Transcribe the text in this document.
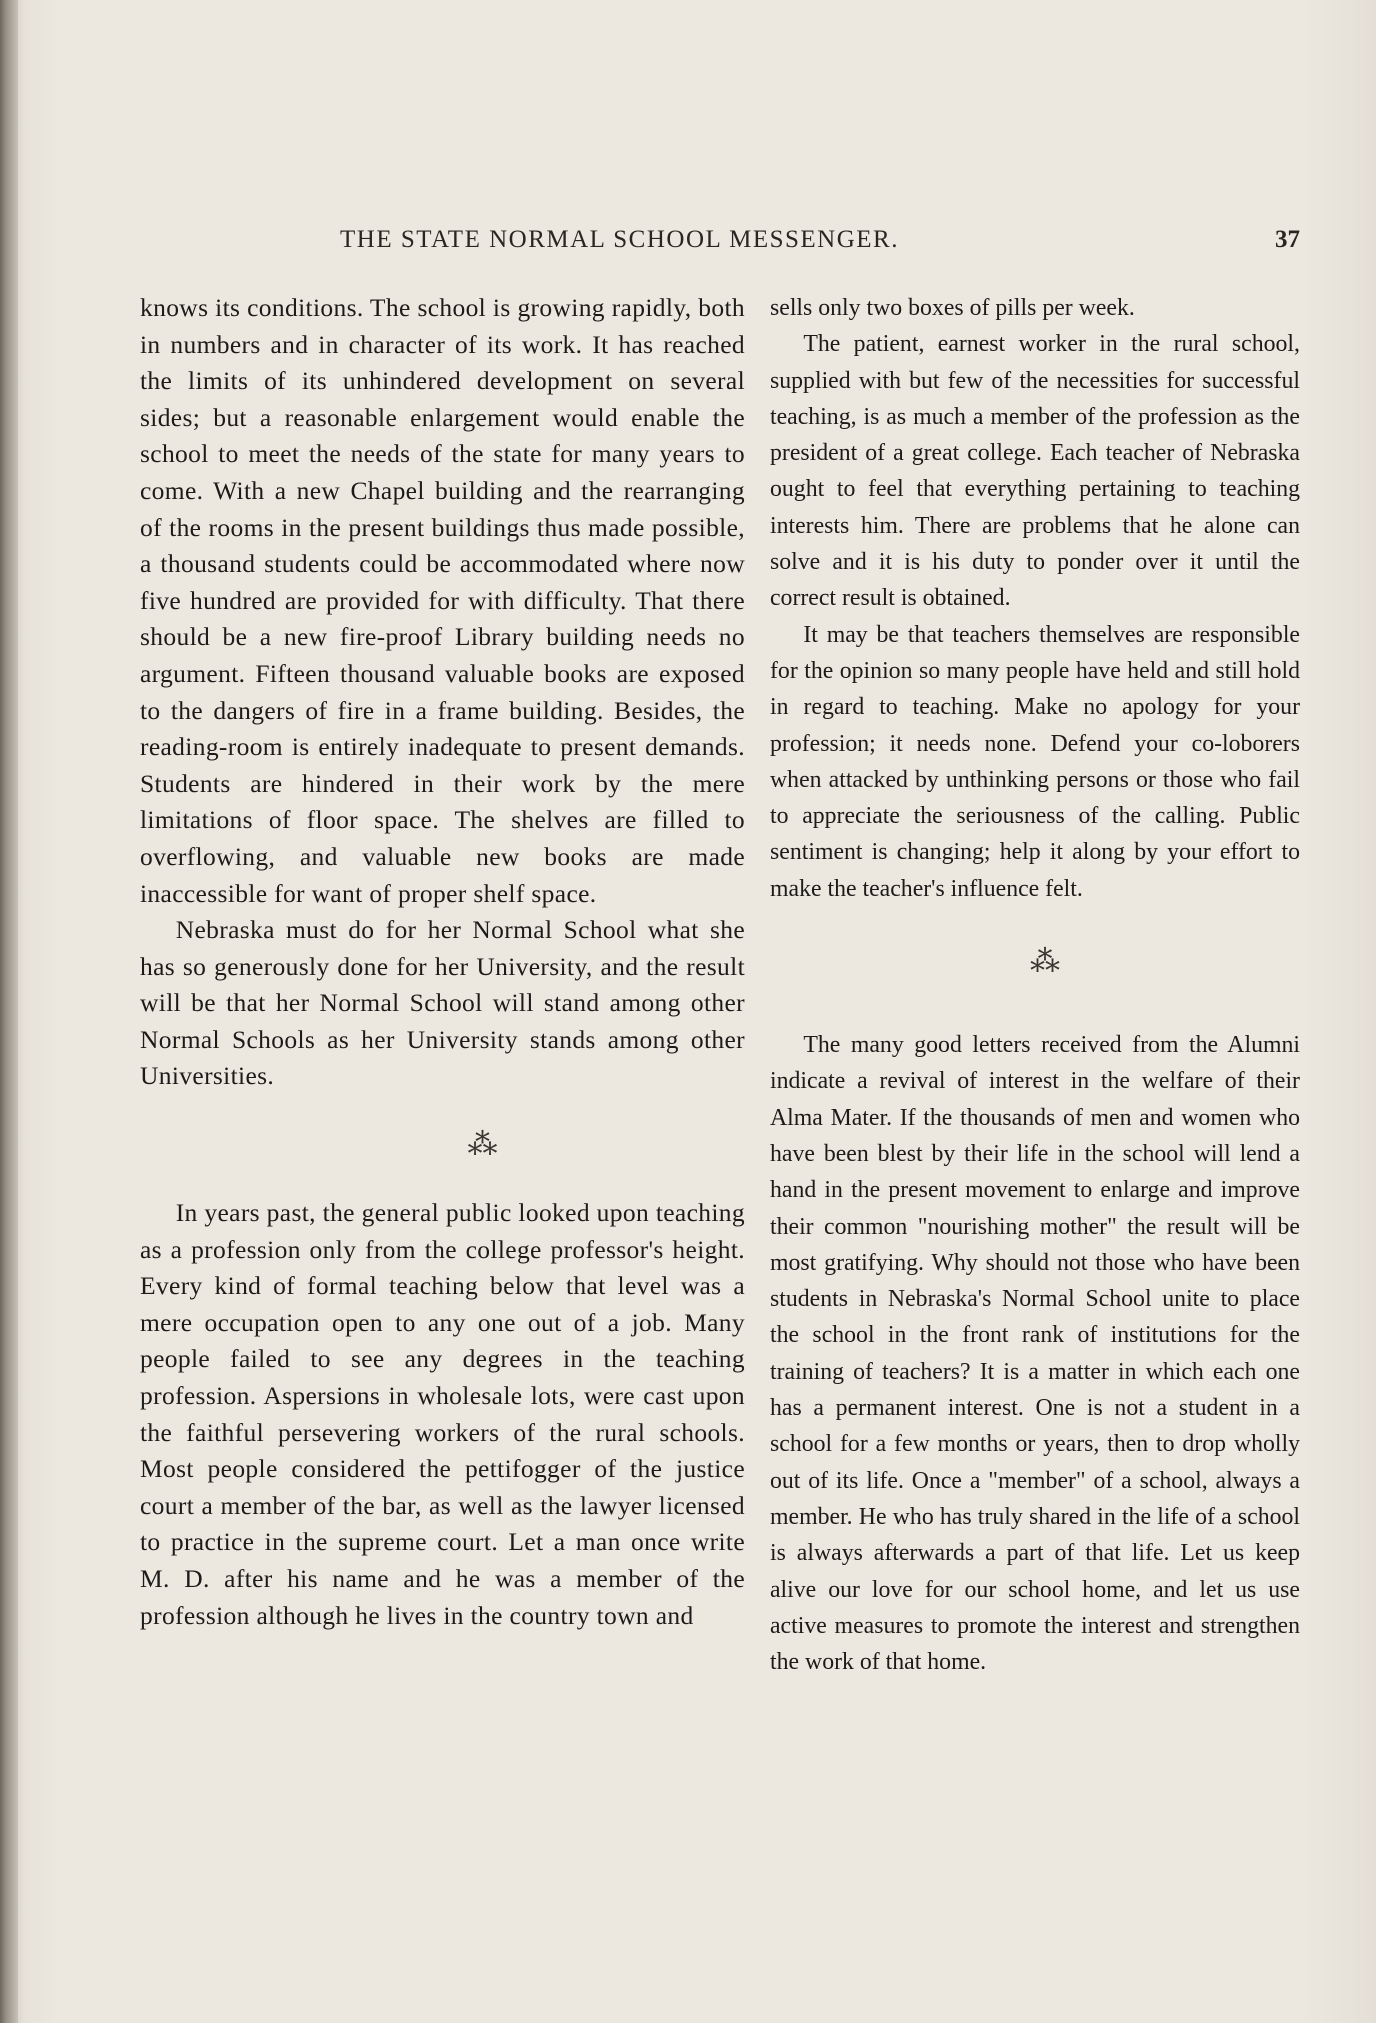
THE STATE NORMAL SCHOOL MESSENGER.	37

knows its conditions. The school is growing rapidly, both in numbers and in character of its work. It has reached the limits of its unhindered development on several sides; but a reasonable enlargement would enable the school to meet the needs of the state for many years to come. With a new Chapel building and the rearranging of the rooms in the present buildings thus made possible, a thousand students could be accommodated where now five hundred are provided for with difficulty. That there should be a new fire-proof Library building needs no argument. Fifteen thousand valuable books are exposed to the dangers of fire in a frame building. Besides, the reading-room is entirely inadequate to present demands. Students are hindered in their work by the mere limitations of floor space. The shelves are filled to overflowing, and valuable new books are made inaccessible for want of proper shelf space.

Nebraska must do for her Normal School what she has so generously done for her University, and the result will be that her Normal School will stand among other Normal Schools as her University stands among other Universities.

⁂

In years past, the general public looked upon teaching as a profession only from the college professor's height. Every kind of formal teaching below that level was a mere occupation open to any one out of a job. Many people failed to see any degrees in the teaching profession. Aspersions in wholesale lots, were cast upon the faithful persevering workers of the rural schools. Most people considered the pettifogger of the justice court a member of the bar, as well as the lawyer licensed to practice in the supreme court. Let a man once write M. D. after his name and he was a member of the profession although he lives in the country town and

sells only two boxes of pills per week.

The patient, earnest worker in the rural school, supplied with but few of the necessities for successful teaching, is as much a member of the profession as the president of a great college. Each teacher of Nebraska ought to feel that everything pertaining to teaching interests him. There are problems that he alone can solve and it is his duty to ponder over it until the correct result is obtained.

It may be that teachers themselves are responsible for the opinion so many people have held and still hold in regard to teaching. Make no apology for your profession; it needs none. Defend your co-loborers when attacked by unthinking persons or those who fail to appreciate the seriousness of the calling. Public sentiment is changing; help it along by your effort to make the teacher's influence felt.

⁂

The many good letters received from the Alumni indicate a revival of interest in the welfare of their Alma Mater. If the thousands of men and women who have been blest by their life in the school will lend a hand in the present movement to enlarge and improve their common "nourishing mother" the result will be most gratifying. Why should not those who have been students in Nebraska's Normal School unite to place the school in the front rank of institutions for the training of teachers? It is a matter in which each one has a permanent interest. One is not a student in a school for a few months or years, then to drop wholly out of its life. Once a "member" of a school, always a member. He who has truly shared in the life of a school is always afterwards a part of that life. Let us keep alive our love for our school home, and let us use active measures to promote the interest and strengthen the work of that home.
